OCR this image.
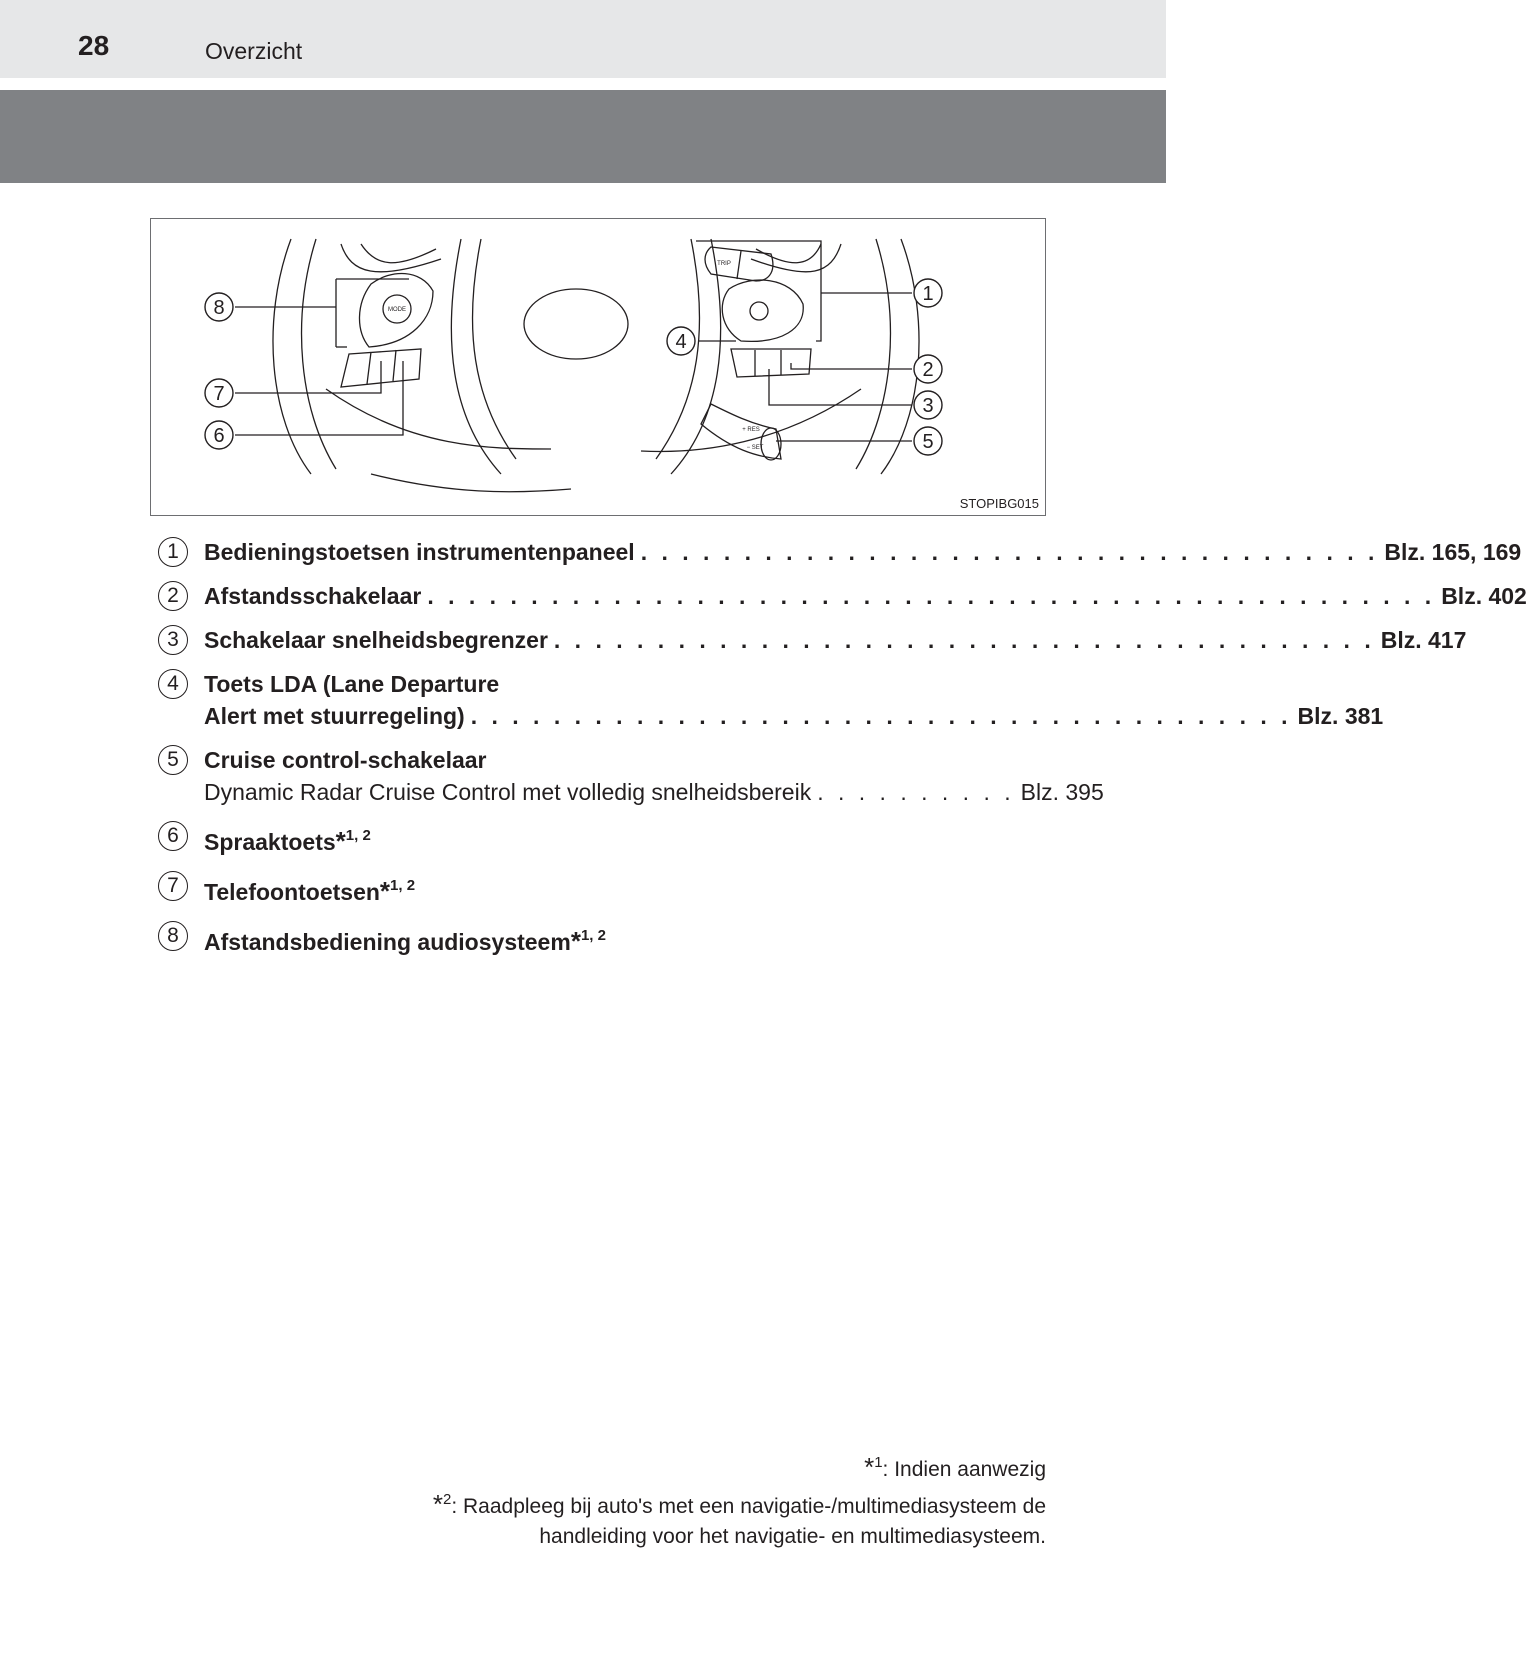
28	Overzicht
8
7
6
4
1
2
3
5
TRIP
MODE
+ RES
− SET
STOPIBG015
1	Bedieningstoetsen instrumentenpaneel . . . . . . . . . . . . . . . . . . . . . . . . . . . . . . . . . . . . Blz. 165, 169
2	Afstandsschakelaar . . . . . . . . . . . . . . . . . . . . . . . . . . . . . . . . . . . . . . . . . . . . . . . . . Blz. 402
3	Schakelaar snelheidsbegrenzer . . . . . . . . . . . . . . . . . . . . . . . . . . . . . . . . . . . . . . . . Blz. 417
4	Toets LDA (Lane Departure
Alert met stuurregeling) . . . . . . . . . . . . . . . . . . . . . . . . . . . . . . . . . . . . . . . . Blz. 381
5	Cruise control-schakelaar
Dynamic Radar Cruise Control met volledig snelheidsbereik . . . . . . . . . . Blz. 395
6	Spraaktoets*$^{1, 2}$
7	Telefoontoetsen*$^{1, 2}$
8	Afstandsbediening audiosysteem*$^{1, 2}$
*$^1$: Indien aanwezig
*$^2$: Raadpleeg bij auto's met een navigatie-/multimediasysteem de
handleiding voor het navigatie- en multimediasysteem.
